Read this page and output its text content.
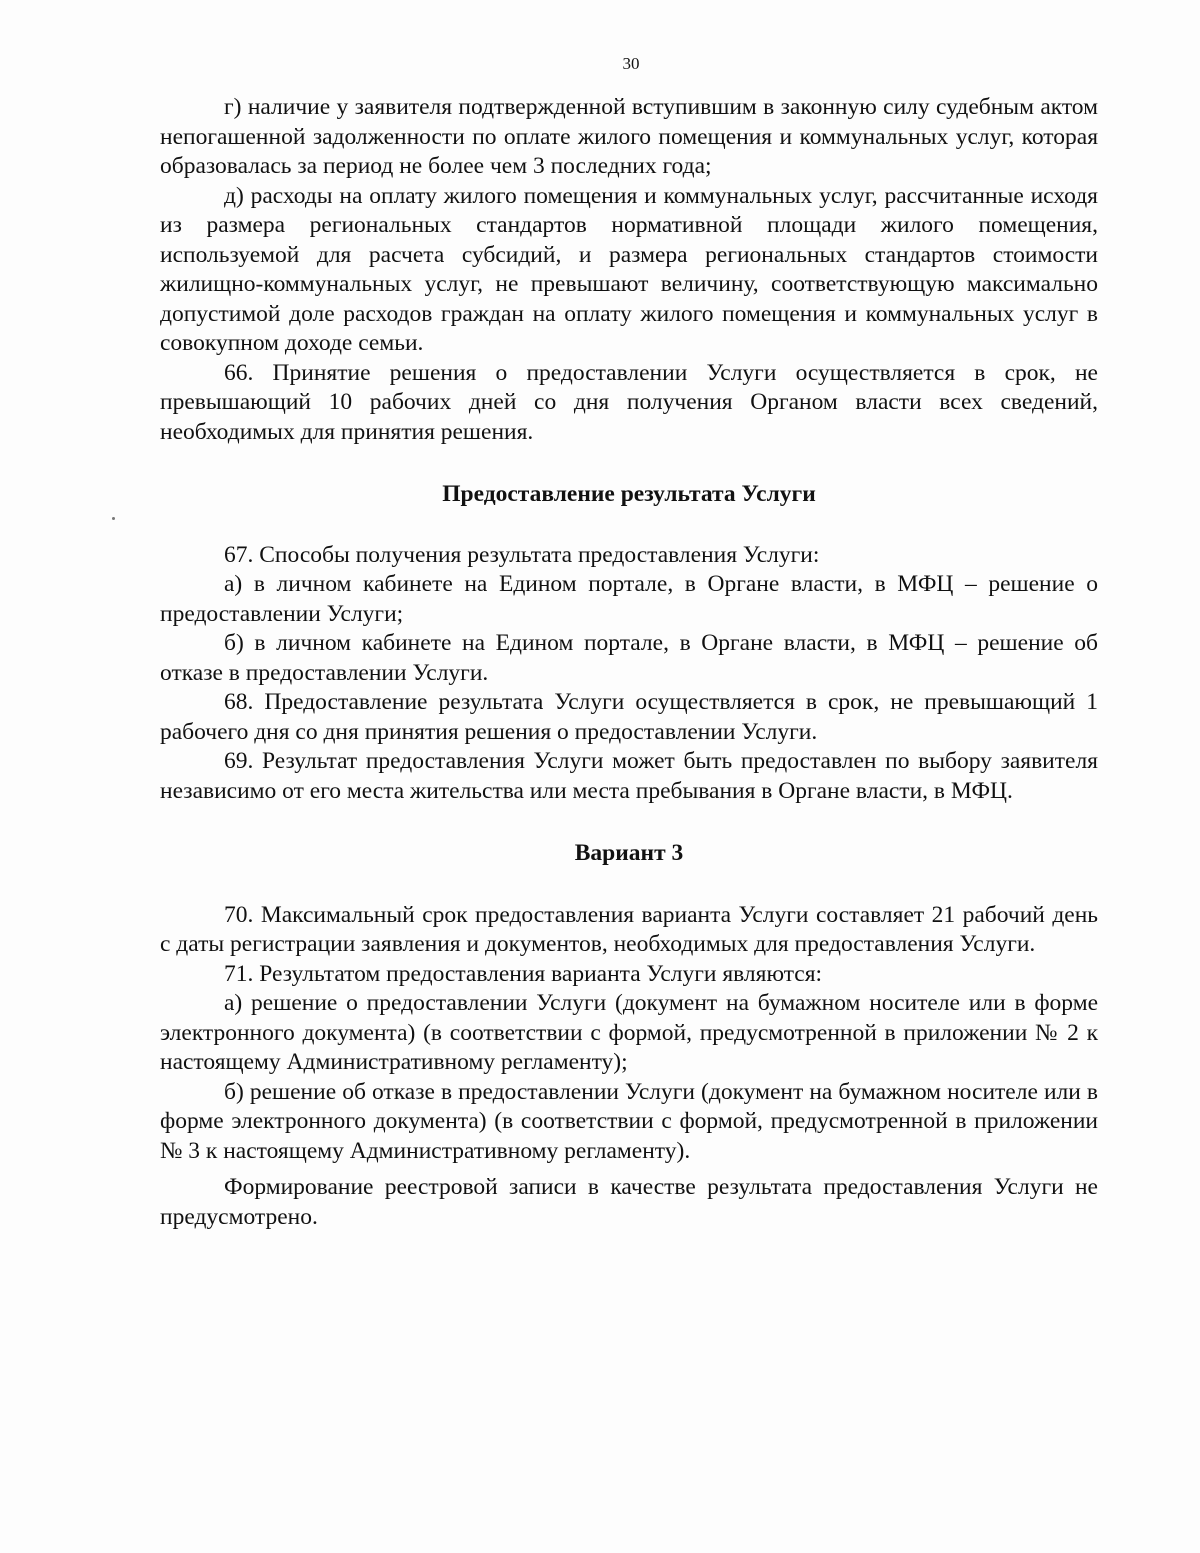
30

г) наличие у заявителя подтвержденной вступившим в законную силу судебным актом непогашенной задолженности по оплате жилого помещения и коммунальных услуг, которая образовалась за период не более чем 3 последних года;

д) расходы на оплату жилого помещения и коммунальных услуг, рассчитанные исходя из размера региональных стандартов нормативной площади жилого помещения, используемой для расчета субсидий, и размера региональных стандартов стоимости жилищно-коммунальных услуг, не превышают величину, соответствующую максимально допустимой доле расходов граждан на оплату жилого помещения и коммунальных услуг в совокупном доходе семьи.

66. Принятие решения о предоставлении Услуги осуществляется в срок, не превышающий 10 рабочих дней со дня получения Органом власти всех сведений, необходимых для принятия решения.

Предоставление результата Услуги

67. Способы получения результата предоставления Услуги:

а) в личном кабинете на Едином портале, в Органе власти, в МФЦ – решение о предоставлении Услуги;

б) в личном кабинете на Едином портале, в Органе власти, в МФЦ – решение об отказе в предоставлении Услуги.

68. Предоставление результата Услуги осуществляется в срок, не превышающий 1 рабочего дня со дня принятия решения о предоставлении Услуги.

69. Результат предоставления Услуги может быть предоставлен по выбору заявителя независимо от его места жительства или места пребывания в Органе власти, в МФЦ.

Вариант 3

70. Максимальный срок предоставления варианта Услуги составляет 21 рабочий день с даты регистрации заявления и документов, необходимых для предоставления Услуги.

71. Результатом предоставления варианта Услуги являются:

а) решение о предоставлении Услуги (документ на бумажном носителе или в форме электронного документа) (в соответствии с формой, предусмотренной в приложении № 2 к настоящему Административному регламенту);

б) решение об отказе в предоставлении Услуги (документ на бумажном носителе или в форме электронного документа) (в соответствии с формой, предусмотренной в приложении № 3 к настоящему Административному регламенту).

Формирование реестровой записи в качестве результата предоставления Услуги не предусмотрено.
